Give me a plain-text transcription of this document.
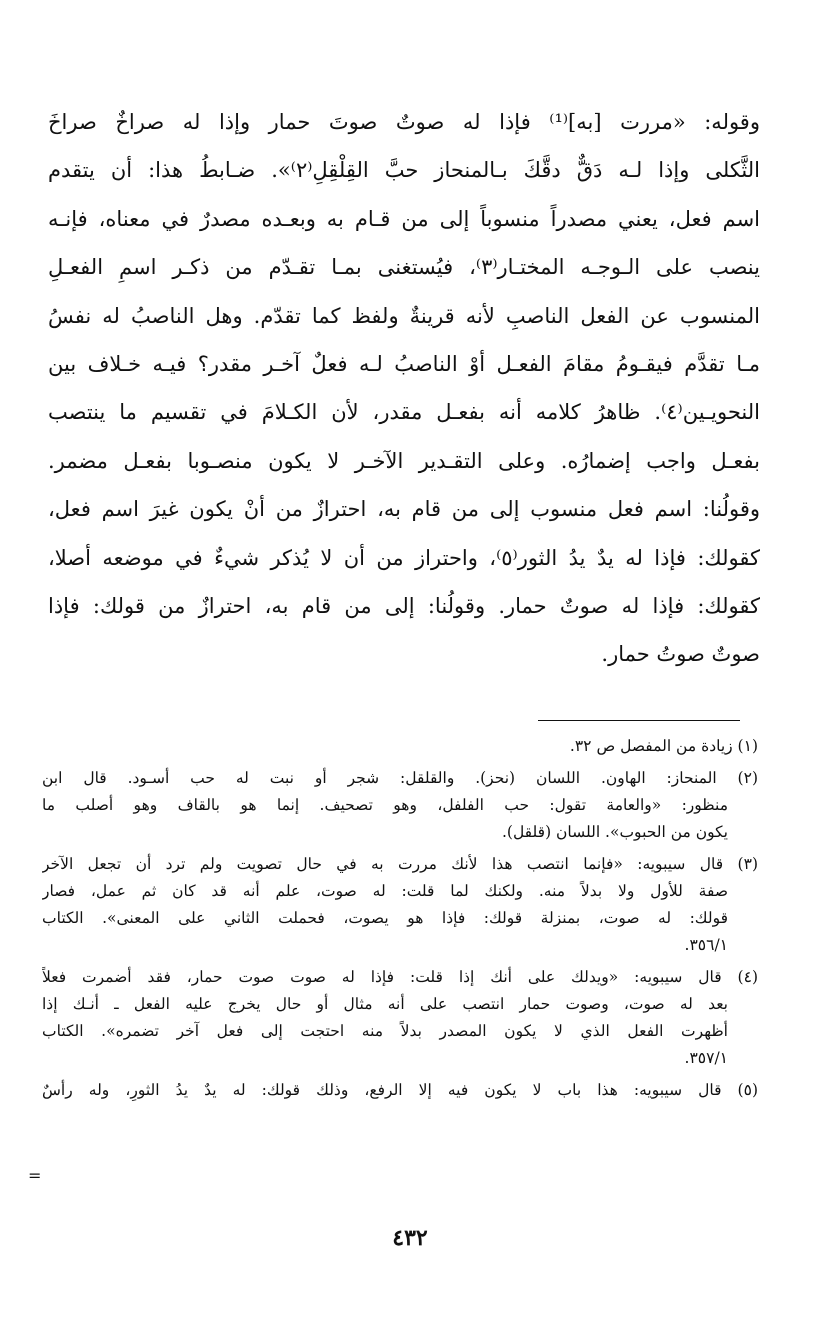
وقوله: «مررت [به]⁽¹⁾ فإذا له صوتٌ صوتَ حمار وإذا له صراخٌ صراخَ
الثَّكلى وإذا لـه دَقٌّ دقَّكَ بـالمنحاز حبَّ القِلْقِلِ⁽٢⁾». ضـابطُ هذا: أن يتقدم
اسم فعل، يعني مصدراً منسوباً إلى من قـام به وبعـده مصدرٌ في معناه، فإنـه
ينصب على الـوجـه المختـار⁽٣⁾، فيُستغنى بمـا تقـدّم من ذكـر اسمِ الفعـلِ
المنسوب عن الفعل الناصبِ لأنه قرينةٌ ولفظ كما تقدّم. وهل الناصبُ له نفسُ
مـا تقدَّم فيقـومُ مقامَ الفعـل أوْ الناصبُ لـه فعلٌ آخـر مقدر؟ فيـه خـلاف بين
النحويـين⁽٤⁾. ظاهرُ كلامه أنه بفعـل مقدر، لأن الكـلامَ في تقسيم ما ينتصب
بفعـل واجب إضمارُه. وعلى التقـدير الآخـر لا يكون منصـوبا بفعـل مضمر.
وقولُنا: اسم فعل منسوب إلى من قام به، احترازٌ من أنْ يكون غيرَ اسم فعل،
كقولك: فإذا له يدٌ يدُ الثور⁽٥⁾، واحتراز من أن لا يُذكر شيءٌ في موضعه أصلا،
كقولك: فإذا له صوتٌ حمار. وقولُنا: إلى من قام به، احترازٌ من قولك: فإذا
صوتٌ صوتُ حمار.
(١) زيادة من المفصل ص ٣٢.
(٢) المنحاز: الهاون. اللسان (نحز). والقلقل: شجر أو نبت له حب أسـود. قال ابن
منظور: «والعامة تقول: حب الفلفل، وهو تصحيف. إنما هو بالقاف وهو أصلب ما
يكون من الحبوب». اللسان (قلقل).
(٣) قال سيبويه: «فإنما انتصب هذا لأنك مررت به في حال تصويت ولم ترد أن تجعل الآخر
صفة للأول ولا بدلاً منه. ولكنك لما قلت: له صوت، علم أنه قد كان ثم عمل، فصار
قولك: له صوت، بمنزلة قولك: فإذا هو يصوت، فحملت الثاني على المعنى». الكتاب
٣٥٦/١.
(٤) قال سيبويه: «ويدلك على أنك إذا قلت: فإذا له صوت صوت حمار، فقد أضمرت فعلاً
بعد له صوت، وصوت حمار انتصب على أنه مثال أو حال يخرج عليه الفعل ـ أنـك إذا
أظهرت الفعل الذي لا يكون المصدر بدلاً منه احتجت إلى فعل آخر تضمره». الكتاب
٣٥٧/١.
(٥) قال سيبويه: هذا باب لا يكون فيه إلا الرفع، وذلك قولك: له يدٌ يدُ الثورِ، وله رأسٌ
=
٤٣٢
